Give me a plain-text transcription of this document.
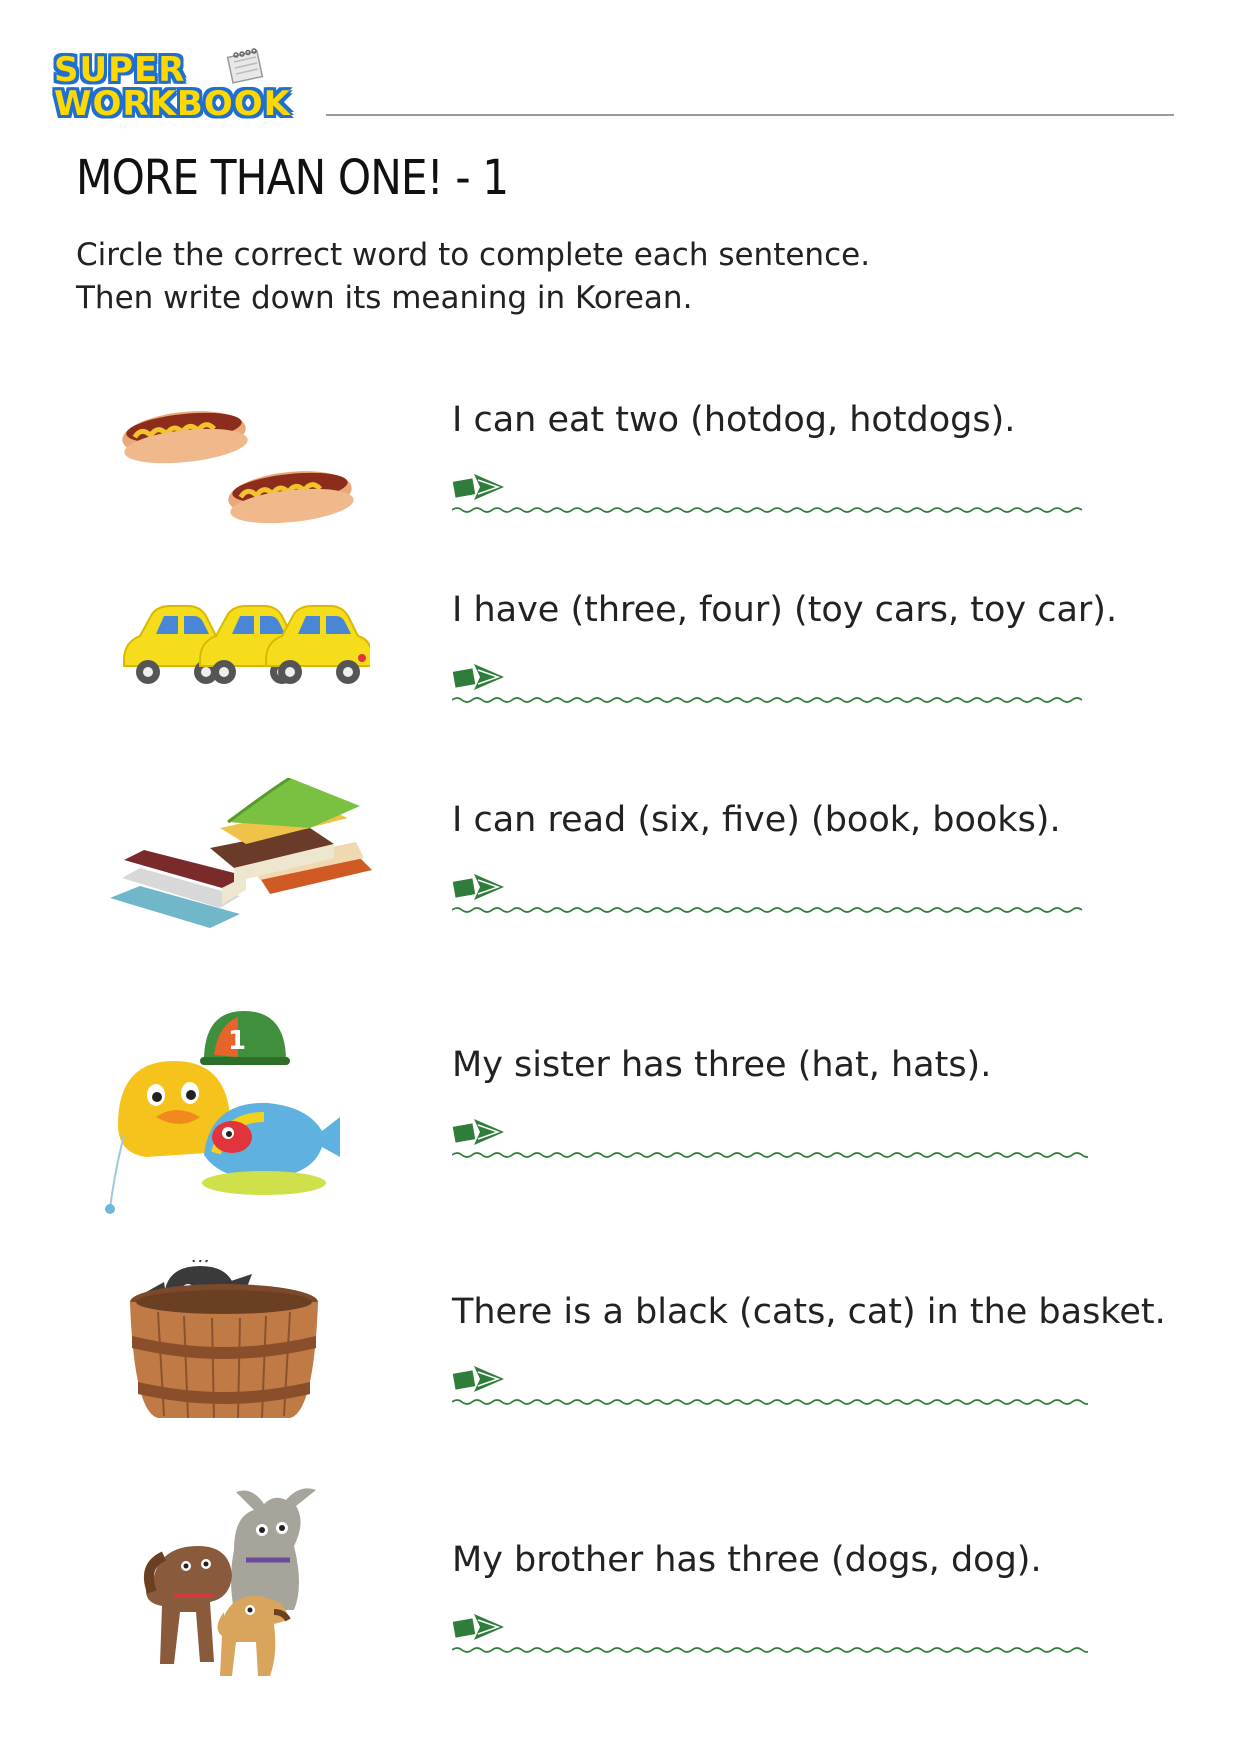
SUPER
WORKBOOK
MORE THAN ONE! - 1
Circle the correct word to complete each sentence.
Then write down its meaning in Korean.
I can eat two (hotdog, hotdogs).
I have (three, four) (toy cars, toy car).
I can read (six, five) (book, books).
1
My sister has three (hat, hats).
There is a black (cats, cat) in the basket.
My brother has three (dogs, dog).
